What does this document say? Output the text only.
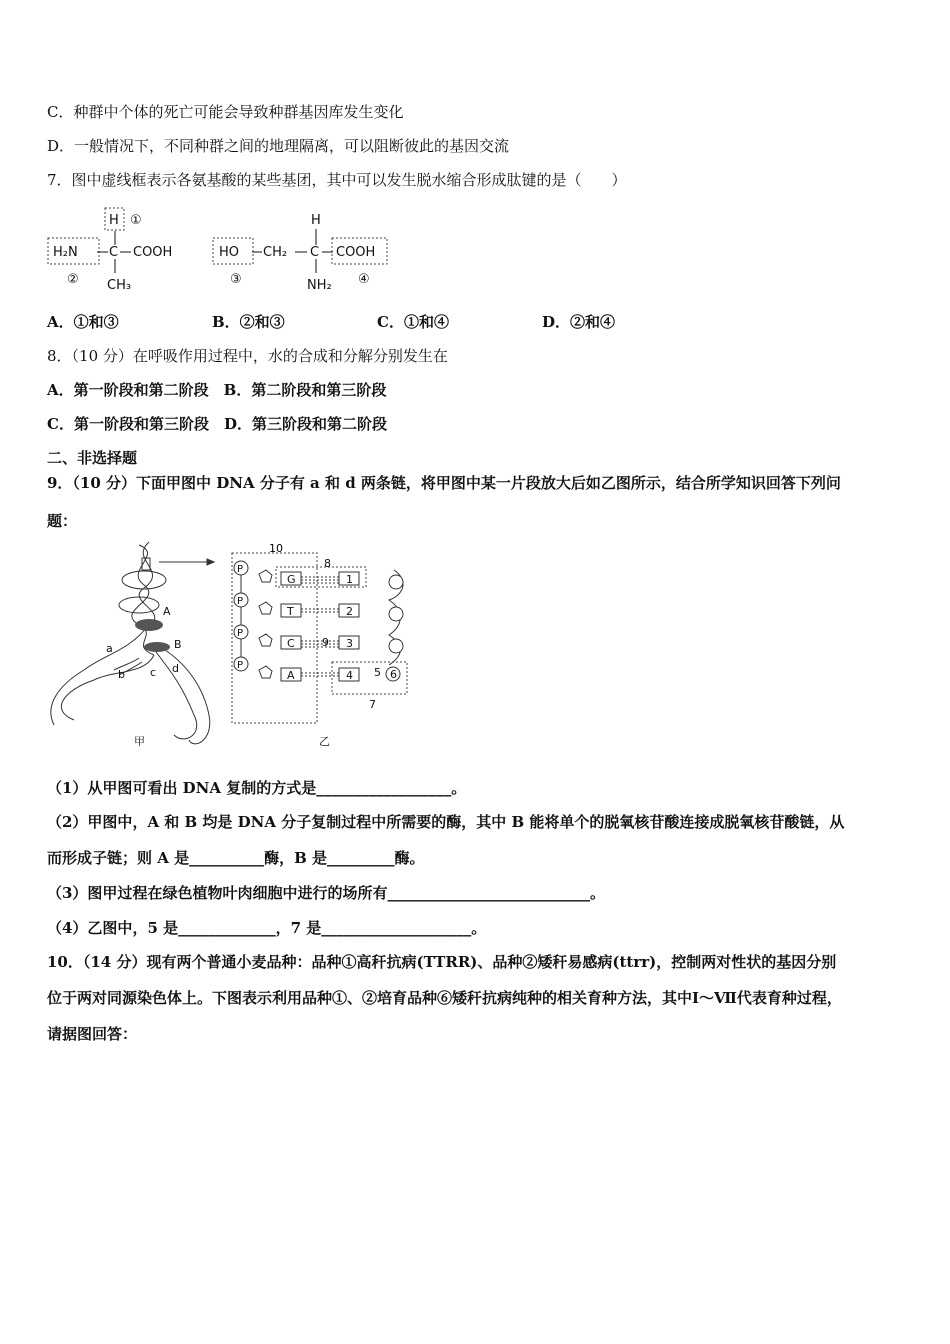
C．种群中个体的死亡可能会导致种群基因库发生变化
D．一般情况下，不同种群之间的地理隔离，可以阻断彼此的基因交流
7．图中虚线框表示各氨基酸的某些基团，其中可以发生脱水缩合形成肽键的是（　　）
H ①
H₂N C COOH
② CH₃
HO CH₂
H
C COOH
③	NH₂ ④
A．①和③	B．②和③	C．①和④	D．②和④
8．（10 分）在呼吸作用过程中，水的合成和分解分别发生在
A．第一阶段和第二阶段　B．第二阶段和第三阶段
C．第一阶段和第三阶段　D．第三阶段和第二阶段
二、非选择题
9．（10 分）下面甲图中 DNA 分子有 a 和 d 两条链，将甲图中某一片段放大后如乙图所示，结合所学知识回答下列问
题：
A
B
a
b c d
甲	乙
10
P
P
P
P
G
T
C
A
1
2
3
4
8
9
5 6
7
（1）从甲图可看出 DNA 复制的方式是__________________。
（2）甲图中，A 和 B 均是 DNA 分子复制过程中所需要的酶，其中 B 能将单个的脱氧核苷酸连接成脱氧核苷酸链，从
而形成子链；则 A 是__________酶，B 是_________酶。
（3）图甲过程在绿色植物叶肉细胞中进行的场所有___________________________。
（4）乙图中，5 是_____________，7 是____________________。
10．（14 分）现有两个普通小麦品种：品种①高秆抗病(TTRR)、品种②矮秆易感病(ttrr)，控制两对性状的基因分别
位于两对同源染色体上。下图表示利用品种①、②培育品种⑥矮秆抗病纯种的相关育种方法，其中Ⅰ～Ⅶ代表育种过程，
请据图回答：
